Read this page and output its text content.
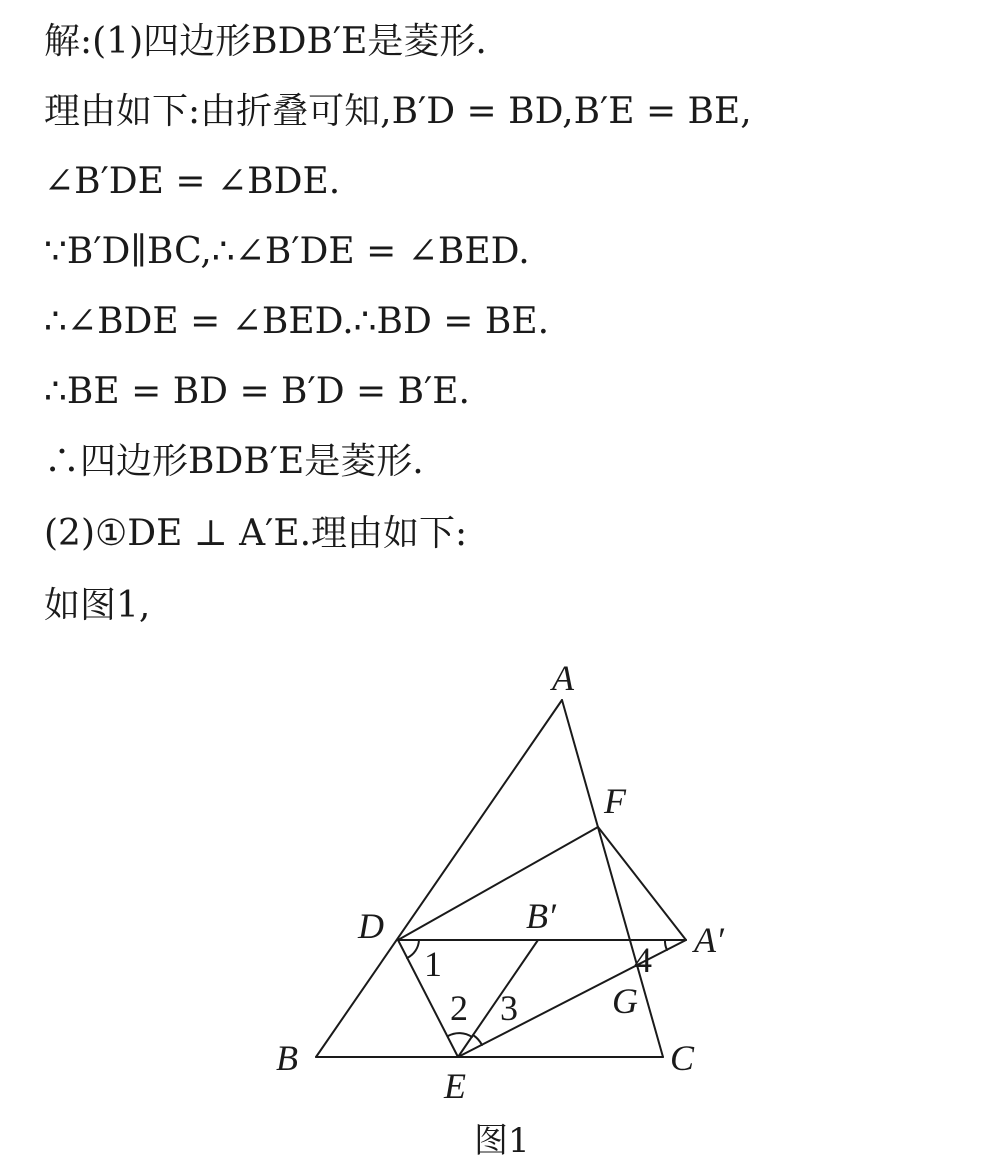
解:(1)四边形BDB′E是菱形.
理由如下:由折叠可知,B′D = BD,B′E = BE,
∠B′DE = ∠BDE.
∵B′D∥BC,∴∠B′DE = ∠BED.
∴∠BDE = ∠BED.∴BD = BE.
∴BE = BD = B′D = B′E.
∴四边形BDB′E是菱形.
(2)①DE ⊥ A′E.理由如下:
如图1,
A
F
D	B′
A′
B
E
C
G
1
2 3
4
图1
